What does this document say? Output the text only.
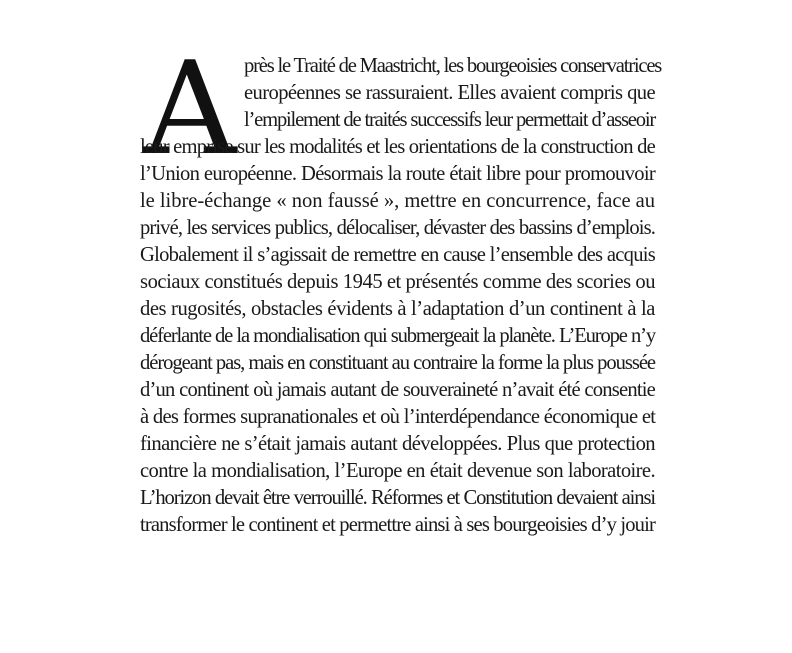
A près le Traité de Maastricht, les bourgeoisies conservatrices
européennes se rassuraient. Elles avaient compris que
l’empilement de traités successifs leur permettait d’asseoir
leur emprise sur les modalités et les orientations de la construction de
l’Union européenne. Désormais la route était libre pour promouvoir
le libre-échange « non faussé », mettre en concurrence, face au
privé, les services publics, délocaliser, dévaster des bassins d’emplois.
Globalement il s’agissait de remettre en cause l’ensemble des acquis
sociaux constitués depuis 1945 et présentés comme des scories ou
des rugosités, obstacles évidents à l’adaptation d’un continent à la
déferlante de la mondialisation qui submergeait la planète. L’Europe n’y
dérogeant pas, mais en constituant au contraire la forme la plus poussée
d’un continent où jamais autant de souveraineté n’avait été consentie
à des formes supranationales et où l’interdépendance économique et
financière ne s’était jamais autant développées. Plus que protection
contre la mondialisation, l’Europe en était devenue son laboratoire.
L’horizon devait être verrouillé. Réformes et Constitution devaient ainsi
transformer le continent et permettre ainsi à ses bourgeoisies d’y jouir
